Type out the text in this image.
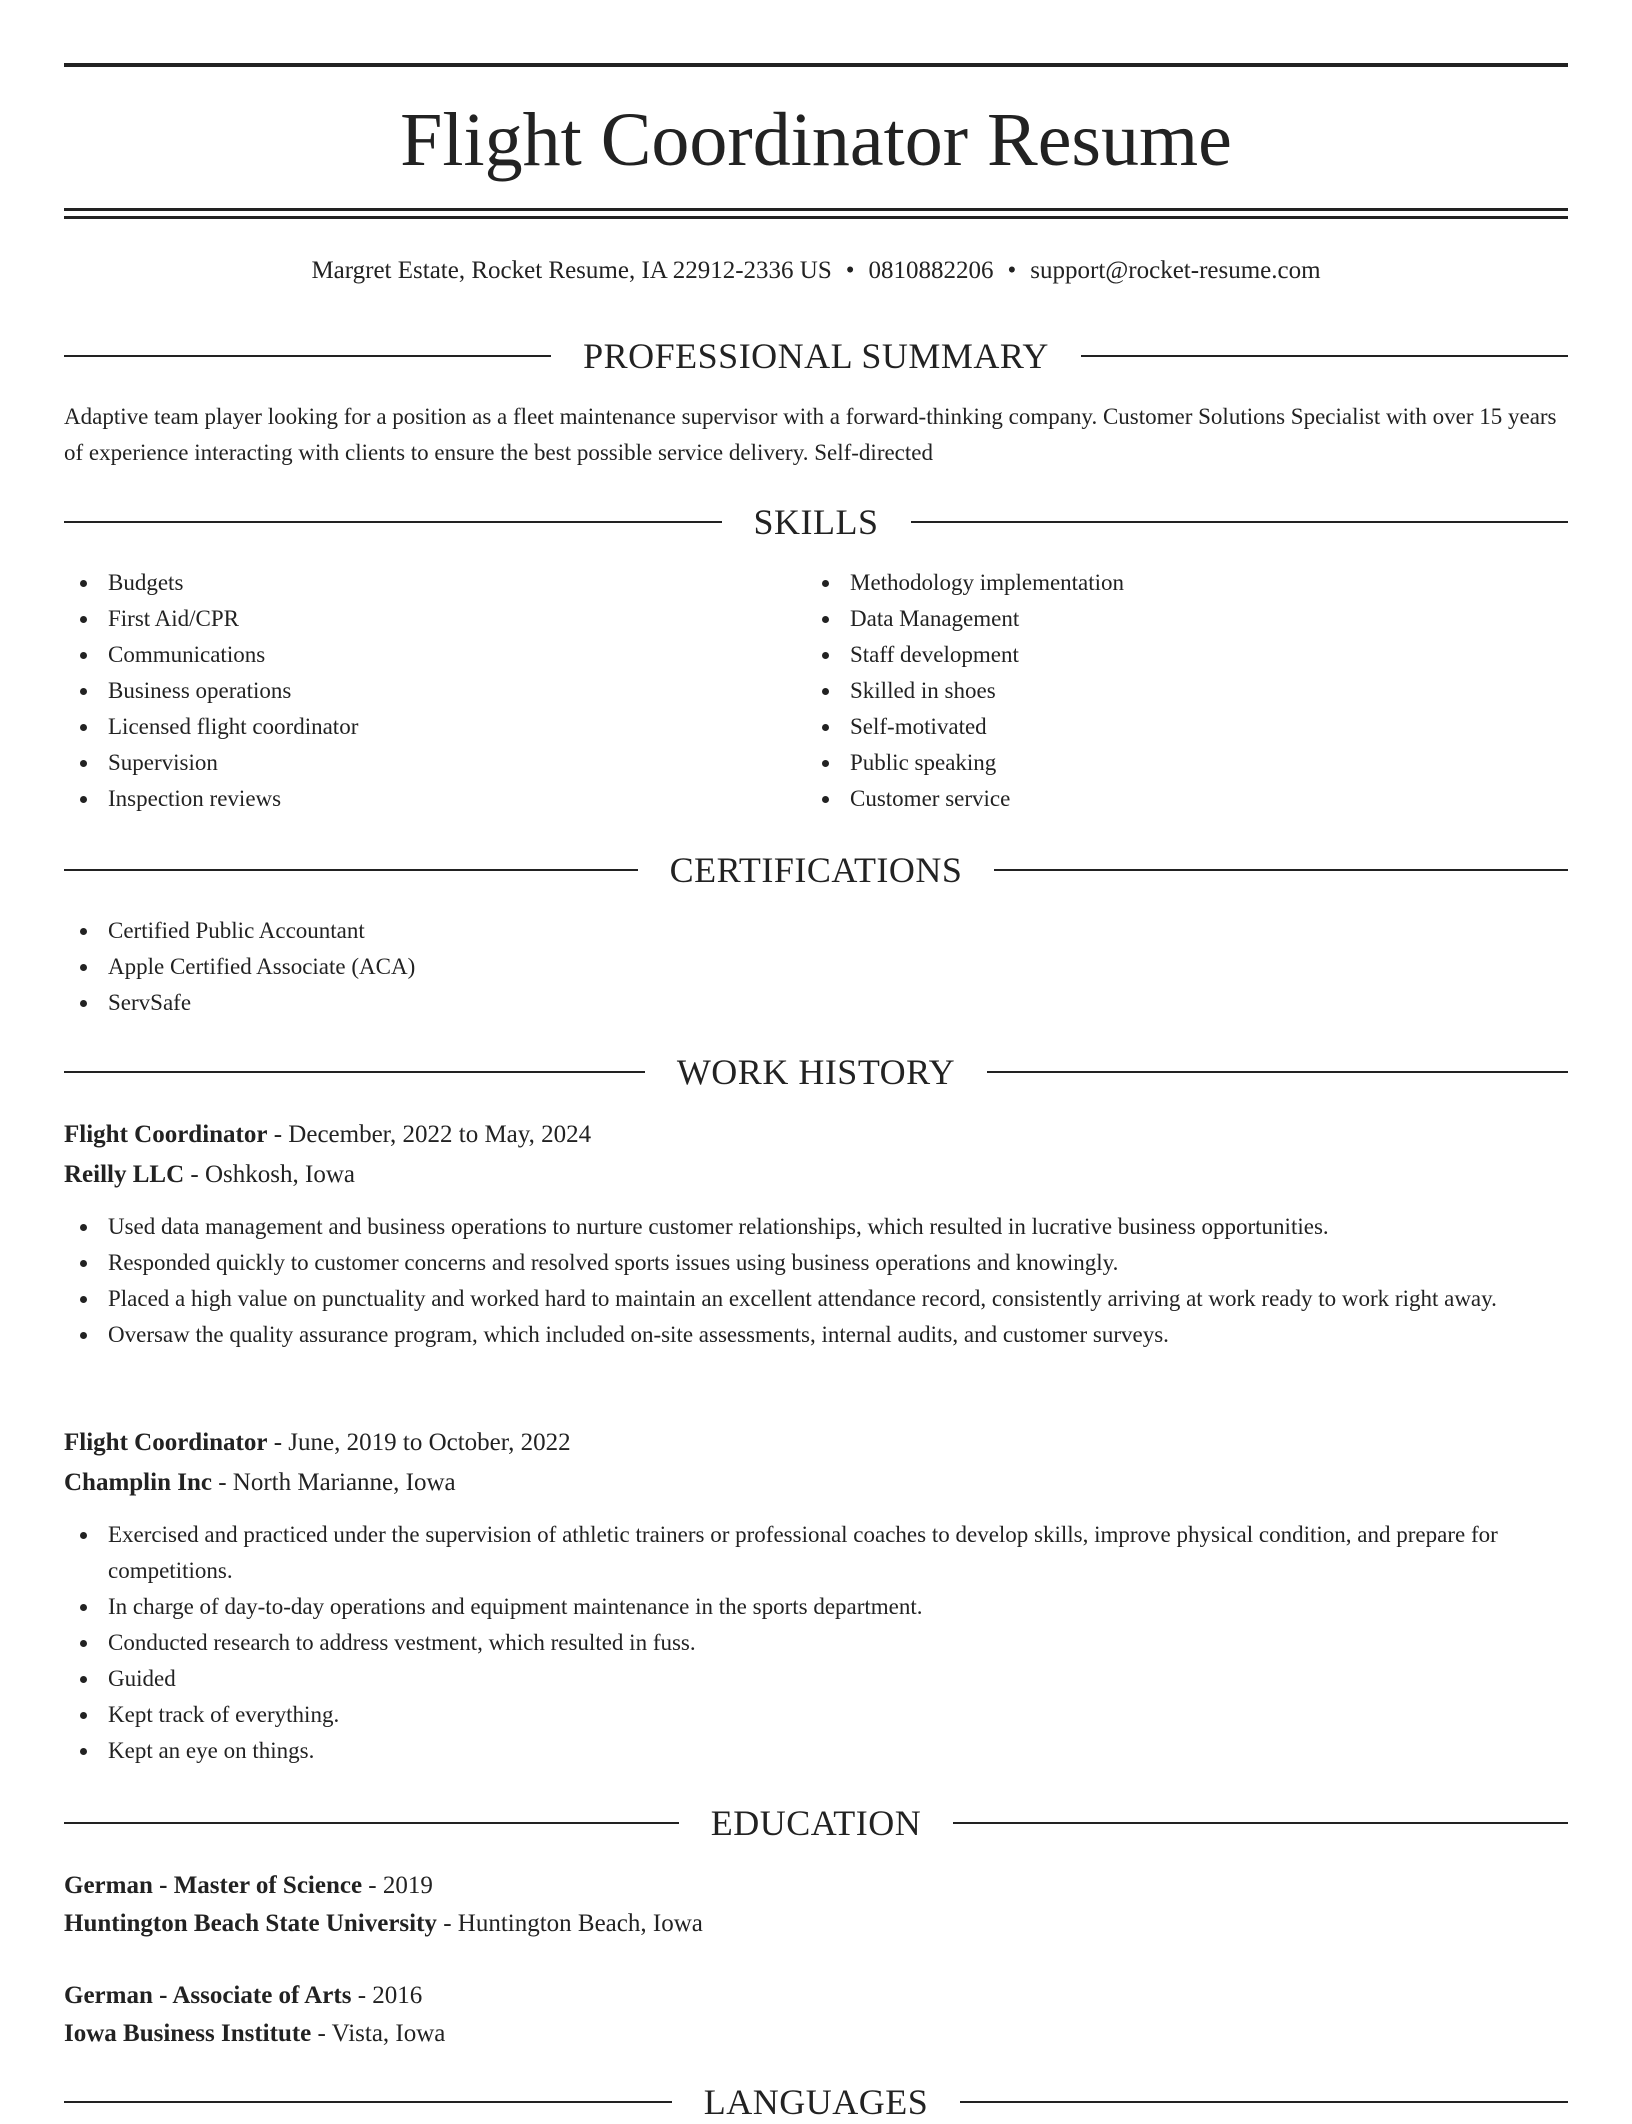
Flight Coordinator Resume
Margret Estate, Rocket Resume, IA 22912-2336 US • 0810882206 • support@rocket-resume.com
PROFESSIONAL SUMMARY

Adaptive team player looking for a position as a fleet maintenance supervisor with a forward-thinking company. Customer Solutions Specialist with over 15 years of experience interacting with clients to ensure the best possible service delivery. Self-directed

SKILLS
Budgets
First Aid/CPR
Communications
Business operations
Licensed flight coordinator
Supervision
Inspection reviews
Methodology implementation
Data Management
Staff development
Skilled in shoes
Self-motivated
Public speaking
Customer service
CERTIFICATIONS
Certified Public Accountant
Apple Certified Associate (ACA)
ServSafe
WORK HISTORY
Flight Coordinator - December, 2022 to May, 2024
Reilly LLC - Oshkosh, Iowa
Used data management and business operations to nurture customer relationships, which resulted in lucrative business opportunities.
Responded quickly to customer concerns and resolved sports issues using business operations and knowingly.
Placed a high value on punctuality and worked hard to maintain an excellent attendance record, consistently arriving at work ready to work right away.
Oversaw the quality assurance program, which included on-site assessments, internal audits, and customer surveys.
Flight Coordinator - June, 2019 to October, 2022
Champlin Inc - North Marianne, Iowa
Exercised and practiced under the supervision of athletic trainers or professional coaches to develop skills, improve physical condition, and prepare for competitions.
In charge of day-to-day operations and equipment maintenance in the sports department.
Conducted research to address vestment, which resulted in fuss.
Guided
Kept track of everything.
Kept an eye on things.
EDUCATION
German - Master of Science - 2019
Huntington Beach State University - Huntington Beach, Iowa
German - Associate of Arts - 2016
Iowa Business Institute - Vista, Iowa
LANGUAGES
